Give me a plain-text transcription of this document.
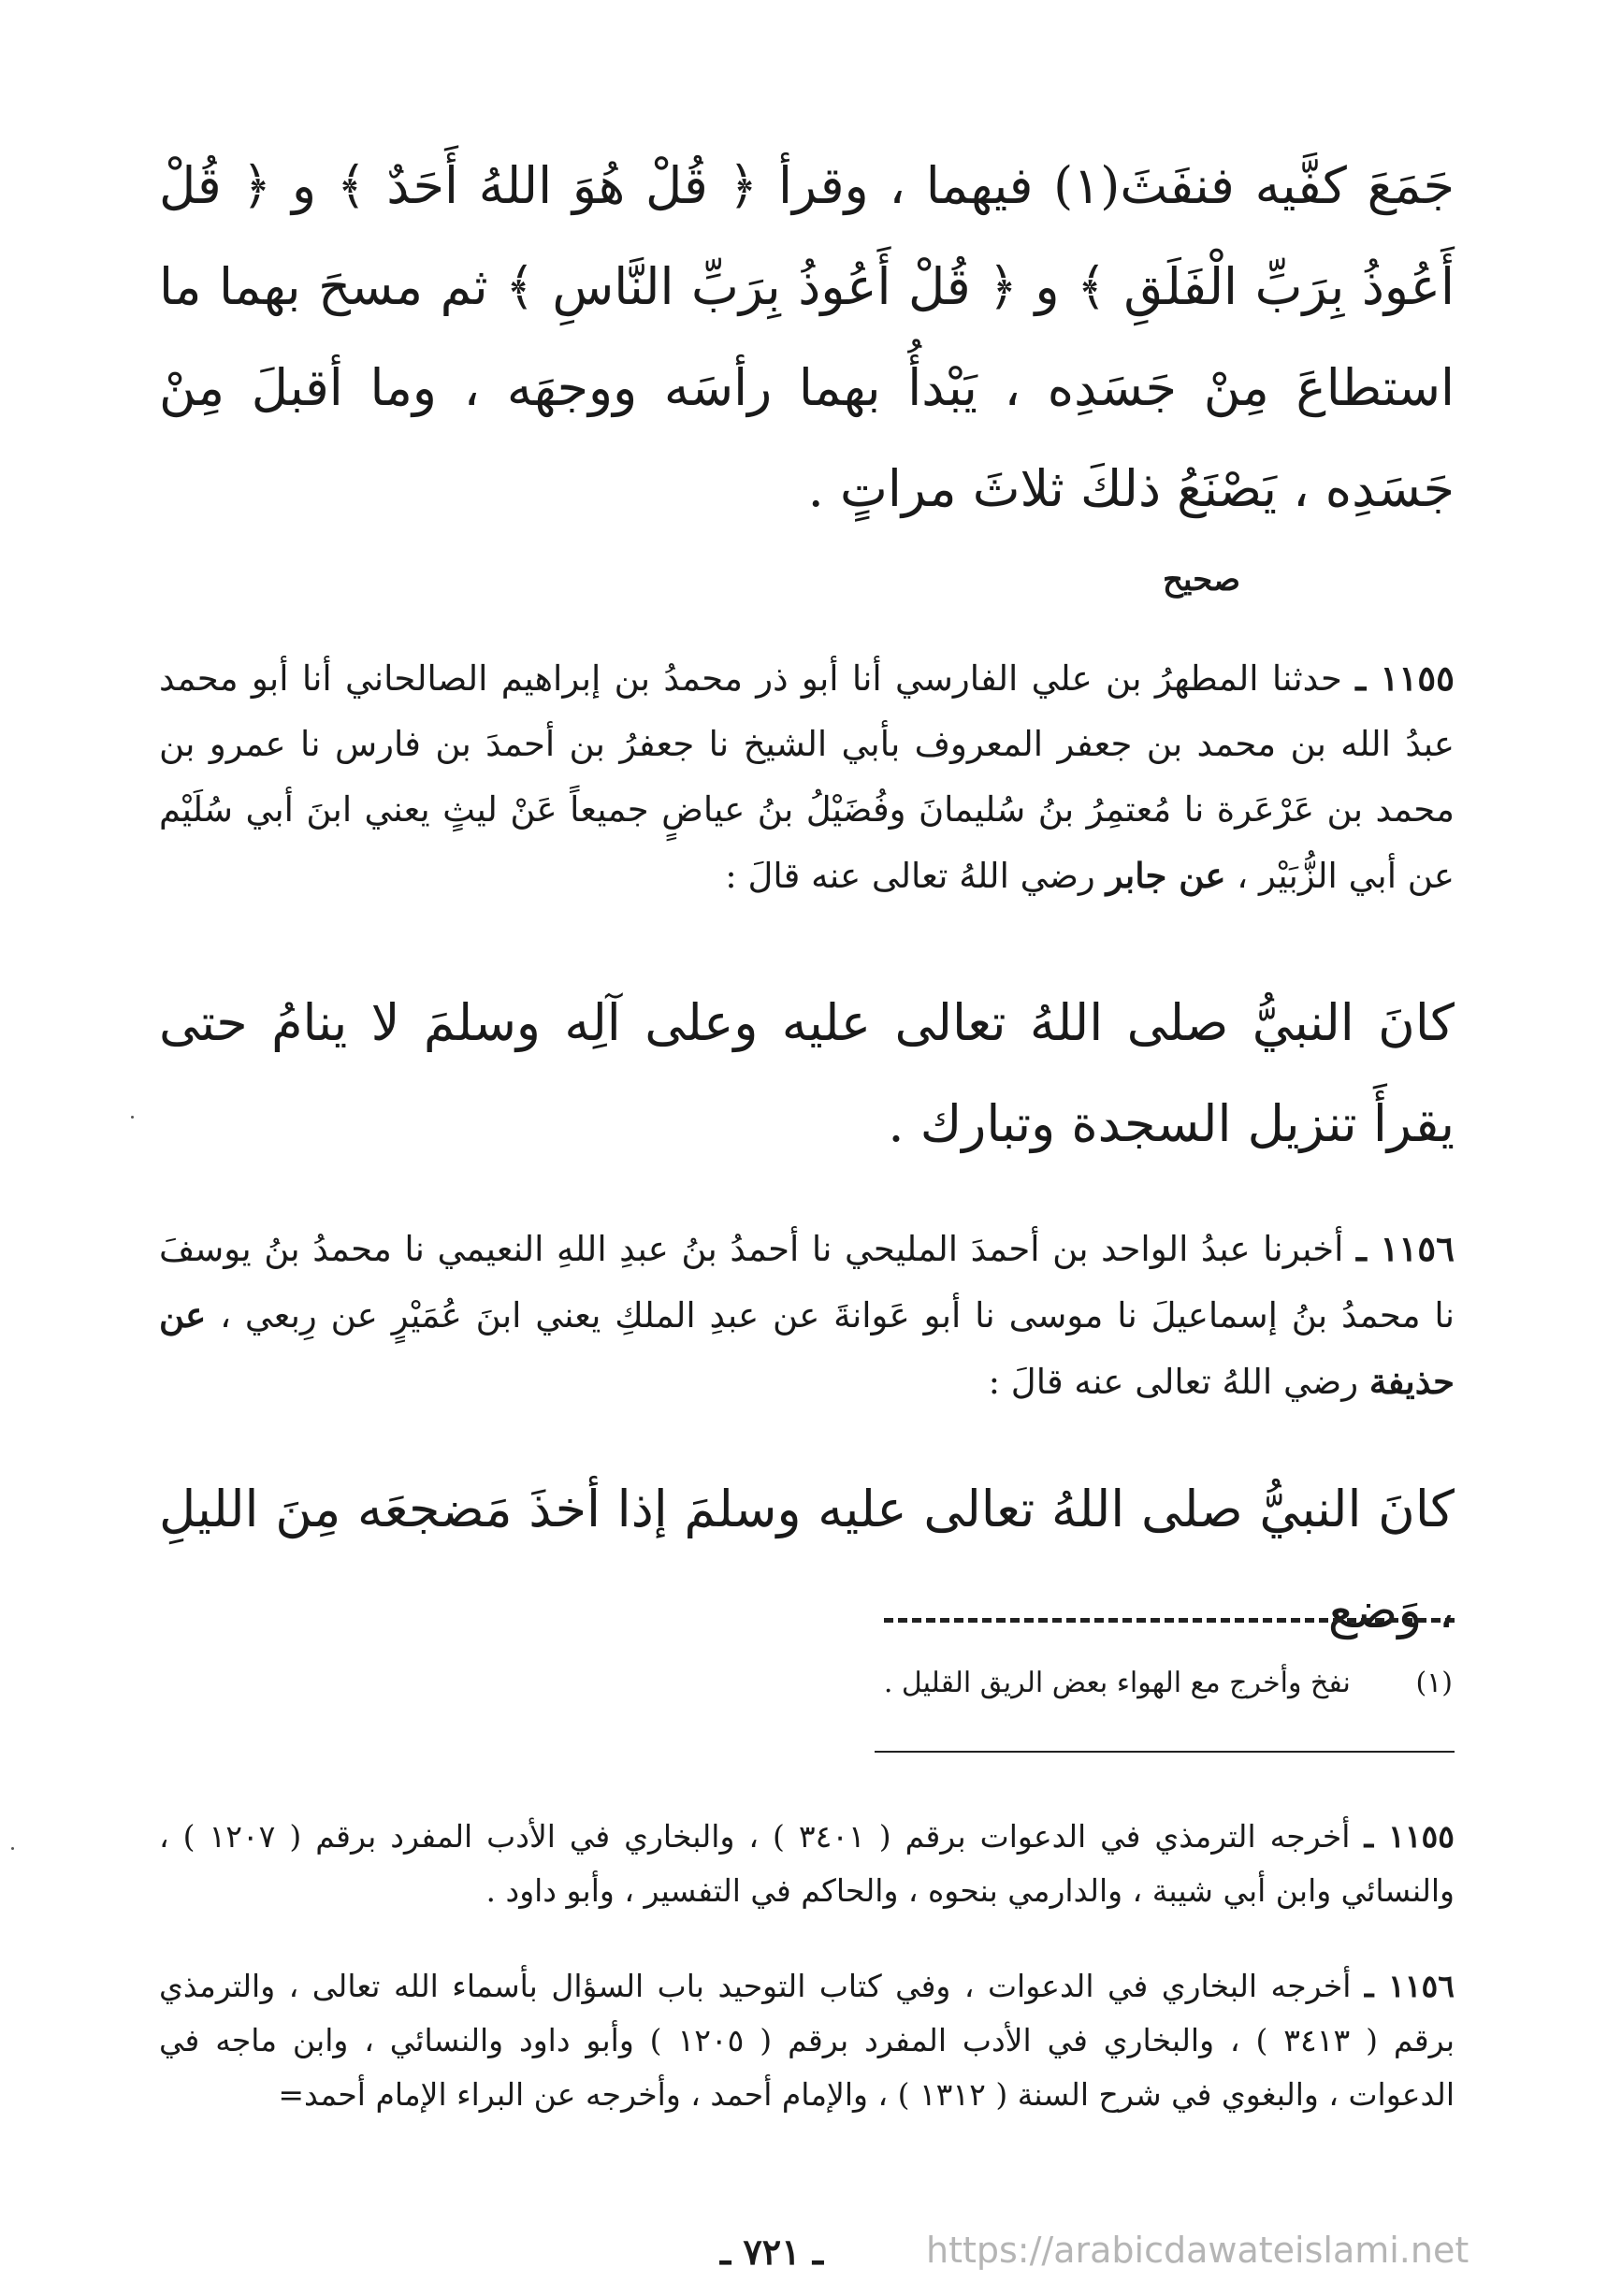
جَمَعَ كفَّيه فنفَثَ(١) فيهما ، وقرأ ﴿ قُلْ هُوَ اللهُ أَحَدٌ ﴾ و ﴿ قُلْ أَعُوذُ بِرَبِّ الْفَلَقِ ﴾ و ﴿ قُلْ أَعُوذُ بِرَبِّ النَّاسِ ﴾ ثم مسحَ بهما ما استطاعَ مِنْ جَسَدِه ، يَبْدأُ بهما رأسَه ووجهَه ، وما أقبلَ مِنْ جَسَدِه ، يَصْنَعُ ذلكَ ثلاثَ مراتٍ .
صحيح
١١٥٥ ـ حدثنا المطهرُ بن علي الفارسي أنا أبو ذر محمدُ بن إبراهيم الصالحاني أنا أبو محمد عبدُ الله بن محمد بن جعفر المعروف بأبي الشيخ نا جعفرُ بن أحمدَ بن فارس نا عمرو بن محمد بن عَرْعَرة نا مُعتمِرُ بنُ سُليمانَ وفُضَيْلُ بنُ عياضٍ جميعاً عَنْ ليثٍ يعني ابنَ أبي سُلَيْم عن أبي الزُّبَيْر ، عن جابر رضي اللهُ تعالى عنه قالَ :
كانَ النبيُّ صلى اللهُ تعالى عليه وعلى آلِه وسلمَ لا ينامُ حتى يقرأَ تنزيل السجدة وتبارك .
١١٥٦ ـ أخبرنا عبدُ الواحد بن أحمدَ المليحي نا أحمدُ بنُ عبدِ اللهِ النعيمي نا محمدُ بنُ يوسفَ نا محمدُ بنُ إسماعيلَ نا موسى نا أبو عَوانةَ عن عبدِ الملكِ يعني ابنَ عُمَيْرٍ عن رِبعي ، عن حذيفة رضي اللهُ تعالى عنه قالَ :
كانَ النبيُّ صلى اللهُ تعالى عليه وسلمَ إذا أخذَ مَضجعَه مِنَ الليلِ ، وَضع
(١) نفخ وأخرج مع الهواء بعض الريق القليل .
١١٥٥ ـ أخرجه الترمذي في الدعوات برقم ( ٣٤٠١ ) ، والبخاري في الأدب المفرد برقم ( ١٢٠٧ ) ، والنسائي وابن أبي شيبة ، والدارمي بنحوه ، والحاكم في التفسير ، وأبو داود .
١١٥٦ ـ أخرجه البخاري في الدعوات ، وفي كتاب التوحيد باب السؤال بأسماء الله تعالى ، والترمذي برقم ( ٣٤١٣ ) ، والبخاري في الأدب المفرد برقم ( ١٢٠٥ ) وأبو داود والنسائي ، وابن ماجه في الدعوات ، والبغوي في شرح السنة ( ١٣١٢ ) ، والإمام أحمد ، وأخرجه عن البراء الإمام أحمد=
ـ ٧٢١ ـ	https://arabicdawateislami.net
